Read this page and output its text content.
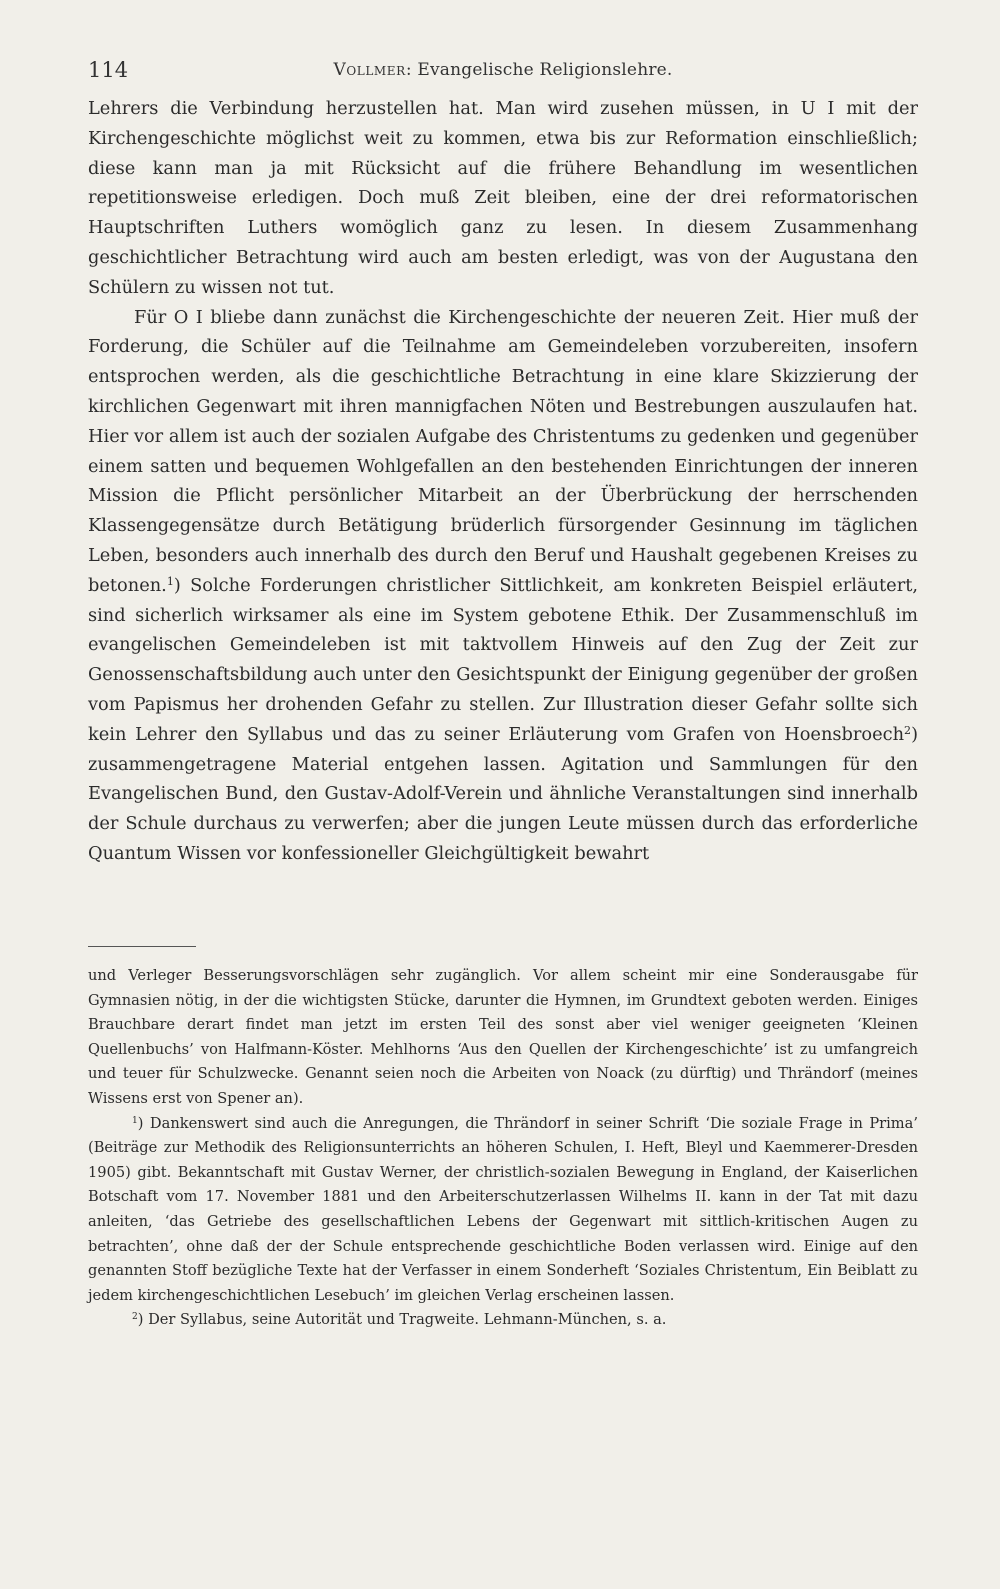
114	Vollmer: Evangelische Religionslehre.

Lehrers die Verbindung herzustellen hat. Man wird zusehen müssen, in U I mit der Kirchengeschichte möglichst weit zu kommen, etwa bis zur Reformation einschließlich; diese kann man ja mit Rücksicht auf die frühere Behandlung im wesentlichen repetitionsweise erledigen. Doch muß Zeit bleiben, eine der drei reformatorischen Hauptschriften Luthers womöglich ganz zu lesen. In diesem Zusammenhang geschichtlicher Betrachtung wird auch am besten erledigt, was von der Augustana den Schülern zu wissen not tut.

Für O I bliebe dann zunächst die Kirchengeschichte der neueren Zeit. Hier muß der Forderung, die Schüler auf die Teilnahme am Gemeindeleben vorzubereiten, insofern entsprochen werden, als die geschichtliche Betrachtung in eine klare Skizzierung der kirchlichen Gegenwart mit ihren mannigfachen Nöten und Bestrebungen auszulaufen hat. Hier vor allem ist auch der sozialen Aufgabe des Christentums zu gedenken und gegenüber einem satten und bequemen Wohlgefallen an den bestehenden Einrichtungen der inneren Mission die Pflicht persönlicher Mitarbeit an der Überbrückung der herrschenden Klassengegensätze durch Betätigung brüderlich fürsorgender Gesinnung im täglichen Leben, besonders auch innerhalb des durch den Beruf und Haushalt gegebenen Kreises zu betonen.$^1$) Solche Forderungen christlicher Sittlichkeit, am konkreten Beispiel erläutert, sind sicherlich wirksamer als eine im System gebotene Ethik. Der Zusammenschluß im evangelischen Gemeindeleben ist mit taktvollem Hinweis auf den Zug der Zeit zur Genossenschaftsbildung auch unter den Gesichtspunkt der Einigung gegenüber der großen vom Papismus her drohenden Gefahr zu stellen. Zur Illustration dieser Gefahr sollte sich kein Lehrer den Syllabus und das zu seiner Erläuterung vom Grafen von Hoensbroech$^2$) zusammengetragene Material entgehen lassen. Agitation und Sammlungen für den Evangelischen Bund, den Gustav-Adolf-Verein und ähnliche Veranstaltungen sind innerhalb der Schule durchaus zu verwerfen; aber die jungen Leute müssen durch das erforderliche Quantum Wissen vor konfessioneller Gleichgültigkeit bewahrt

und Verleger Besserungsvorschlägen sehr zugänglich. Vor allem scheint mir eine Sonderausgabe für Gymnasien nötig, in der die wichtigsten Stücke, darunter die Hymnen, im Grundtext geboten werden. Einiges Brauchbare derart findet man jetzt im ersten Teil des sonst aber viel weniger geeigneten ʻKleinen Quellenbuchs’ von Halfmann-Köster. Mehlhorns ʻAus den Quellen der Kirchengeschichte’ ist zu umfangreich und teuer für Schulzwecke. Genannt seien noch die Arbeiten von Noack (zu dürftig) und Thrändorf (meines Wissens erst von Spener an).

$^1$) Dankenswert sind auch die Anregungen, die Thrändorf in seiner Schrift ʻDie soziale Frage in Prima’ (Beiträge zur Methodik des Religionsunterrichts an höheren Schulen, I. Heft, Bleyl und Kaemmerer-Dresden 1905) gibt. Bekanntschaft mit Gustav Werner, der christlich-sozialen Bewegung in England, der Kaiserlichen Botschaft vom 17. November 1881 und den Arbeiterschutzerlassen Wilhelms II. kann in der Tat mit dazu anleiten, ʻdas Getriebe des gesellschaftlichen Lebens der Gegenwart mit sittlich-kritischen Augen zu betrachten’, ohne daß der der Schule entsprechende geschichtliche Boden verlassen wird. Einige auf den genannten Stoff bezügliche Texte hat der Verfasser in einem Sonderheft ʻSoziales Christentum, Ein Beiblatt zu jedem kirchengeschichtlichen Lesebuch’ im gleichen Verlag erscheinen lassen.

$^2$) Der Syllabus, seine Autorität und Tragweite. Lehmann-München, s. a.
